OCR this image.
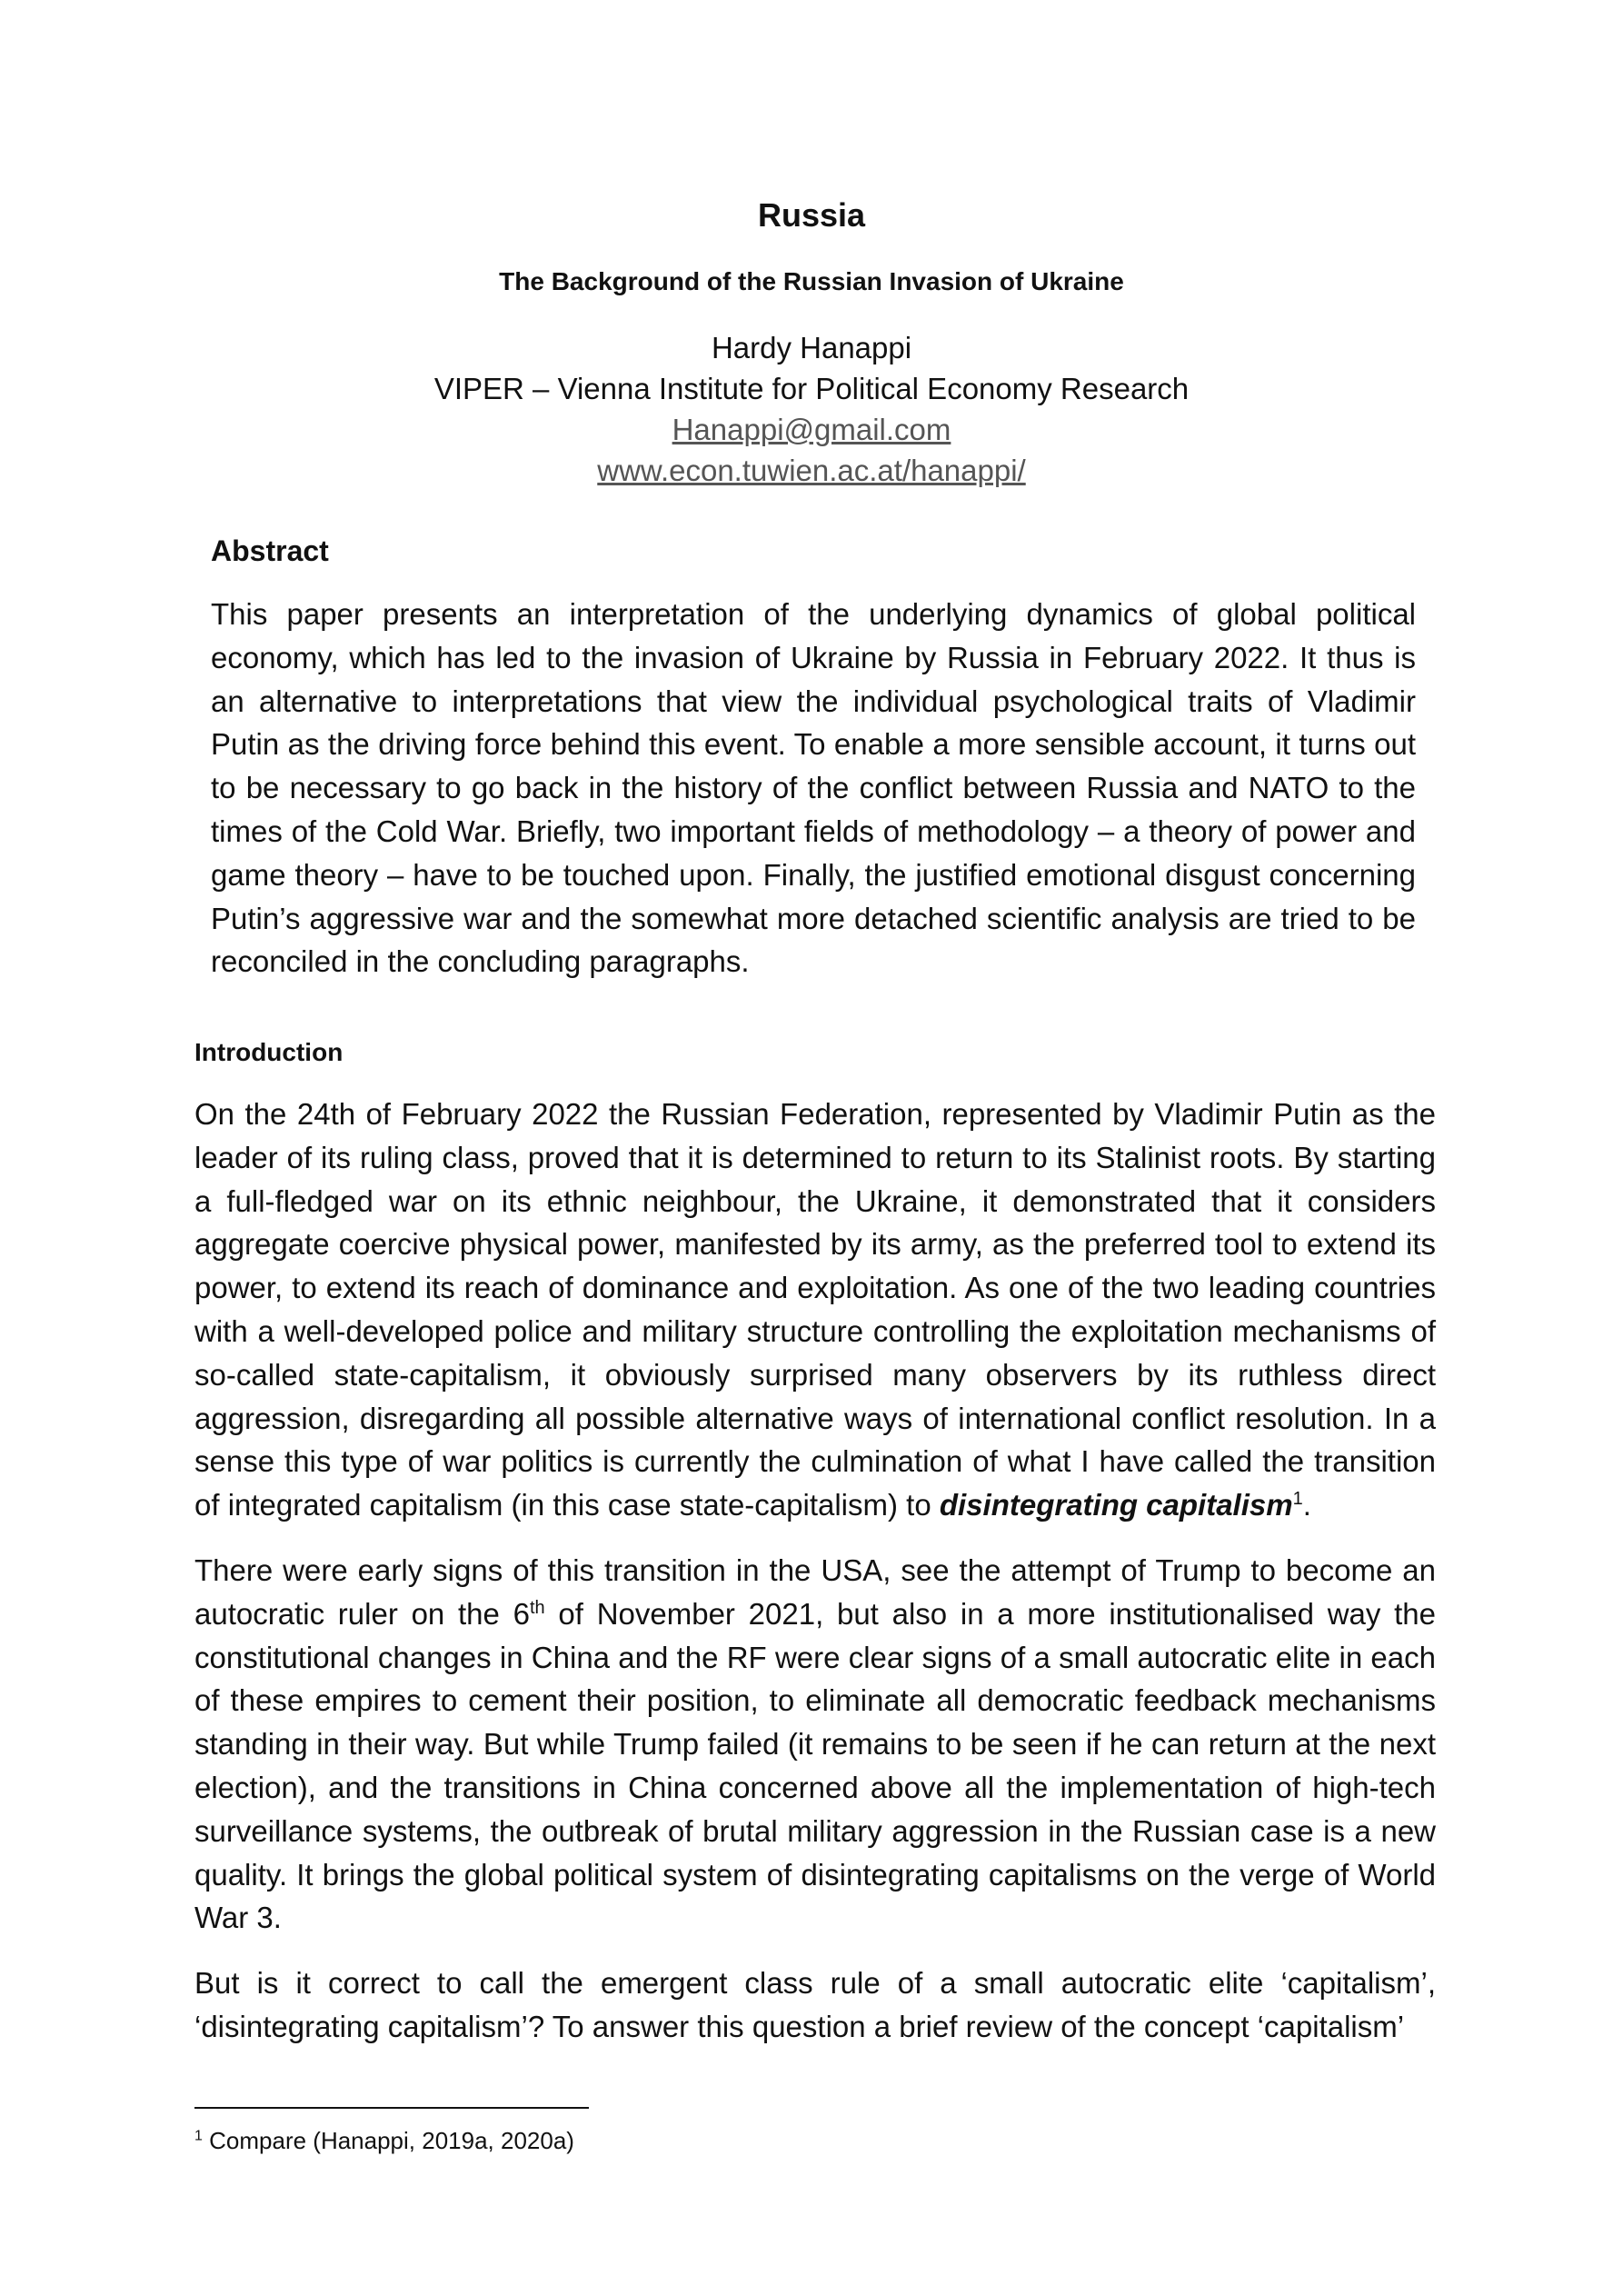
Russia
The Background of the Russian Invasion of Ukraine
Hardy Hanappi
VIPER – Vienna Institute for Political Economy Research
Hanappi@gmail.com
www.econ.tuwien.ac.at/hanappi/
Abstract
This paper presents an interpretation of the underlying dynamics of global political economy, which has led to the invasion of Ukraine by Russia in February 2022. It thus is an alternative to interpretations that view the individual psychological traits of Vladimir Putin as the driving force behind this event. To enable a more sensible account, it turns out to be necessary to go back in the history of the conflict between Russia and NATO to the times of the Cold War. Briefly, two important fields of methodology – a theory of power and game theory – have to be touched upon. Finally, the justified emotional disgust concerning Putin’s aggressive war and the somewhat more detached scientific analysis are tried to be reconciled in the concluding paragraphs.
Introduction

On the 24th of February 2022 the Russian Federation, represented by Vladimir Putin as the leader of its ruling class, proved that it is determined to return to its Stalinist roots. By starting a full-fledged war on its ethnic neighbour, the Ukraine, it demonstrated that it considers aggregate coercive physical power, manifested by its army, as the preferred tool to extend its power, to extend its reach of dominance and exploitation. As one of the two leading countries with a well-developed police and military structure controlling the exploitation mechanisms of so-called state-capitalism, it obviously surprised many observers by its ruthless direct aggression, disregarding all possible alternative ways of international conflict resolution. In a sense this type of war politics is currently the culmination of what I have called the transition of integrated capitalism (in this case state-capitalism) to disintegrating capitalism$^1$.

There were early signs of this transition in the USA, see the attempt of Trump to become an autocratic ruler on the 6th of November 2021, but also in a more institutionalised way the constitutional changes in China and the RF were clear signs of a small autocratic elite in each of these empires to cement their position, to eliminate all democratic feedback mechanisms standing in their way. But while Trump failed (it remains to be seen if he can return at the next election), and the transitions in China concerned above all the implementation of high-tech surveillance systems, the outbreak of brutal military aggression in the Russian case is a new quality. It brings the global political system of disintegrating capitalisms on the verge of World War 3.

But is it correct to call the emergent class rule of a small autocratic elite ‘capitalism’, ‘disintegrating capitalism’? To answer this question a brief review of the concept ‘capitalism’

$^1$ Compare (Hanappi, 2019a, 2020a)
